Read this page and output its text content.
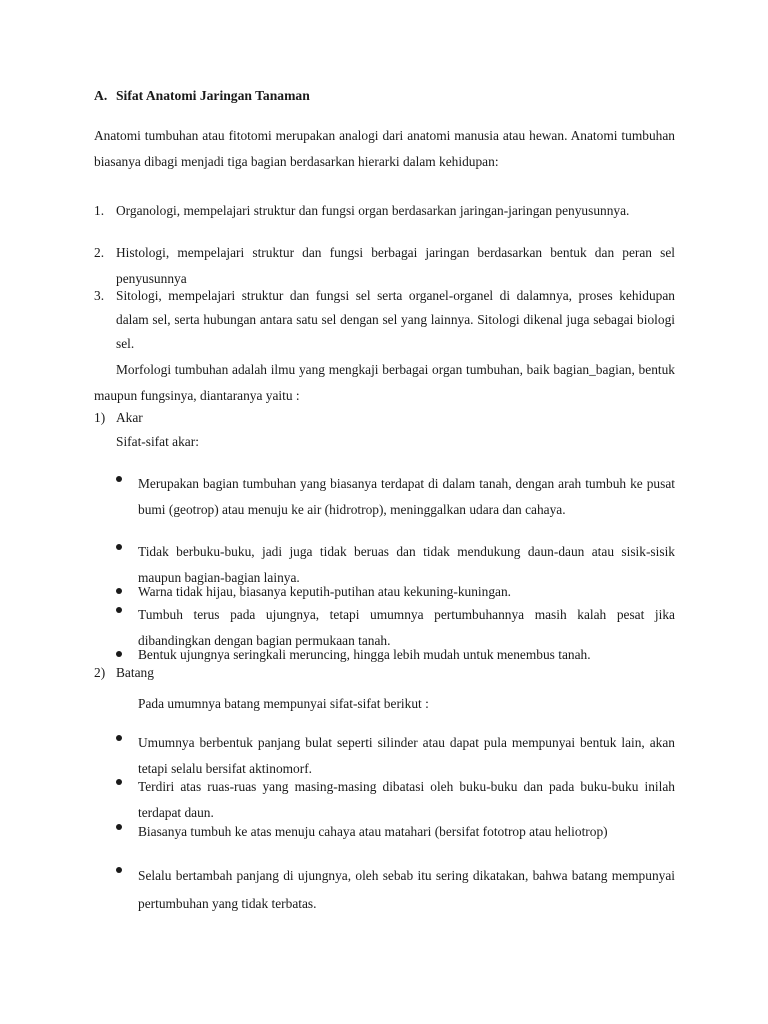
A. Sifat Anatomi Jaringan Tanaman
Anatomi tumbuhan atau fitotomi merupakan analogi dari anatomi manusia atau hewan. Anatomi tumbuhan biasanya dibagi menjadi tiga bagian berdasarkan hierarki dalam kehidupan:
1. Organologi, mempelajari struktur dan fungsi organ berdasarkan jaringan-jaringan penyusunnya.
2. Histologi, mempelajari struktur dan fungsi berbagai jaringan berdasarkan bentuk dan peran sel penyusunnya
3. Sitologi, mempelajari struktur dan fungsi sel serta organel-organel di dalamnya, proses kehidupan dalam sel, serta hubungan antara satu sel dengan sel yang lainnya. Sitologi dikenal juga sebagai biologi sel.
Morfologi tumbuhan adalah ilmu yang mengkaji berbagai organ tumbuhan, baik bagian_bagian, bentuk maupun fungsinya, diantaranya yaitu :
1) Akar
Sifat-sifat akar:
Merupakan bagian tumbuhan yang biasanya terdapat di dalam tanah, dengan arah tumbuh ke pusat bumi (geotrop) atau menuju ke air (hidrotrop), meninggalkan udara dan cahaya.
Tidak berbuku-buku, jadi juga tidak beruas dan tidak mendukung daun-daun atau sisik-sisik maupun bagian-bagian lainya.
Warna tidak hijau, biasanya keputih-putihan atau kekuning-kuningan.
Tumbuh terus pada ujungnya, tetapi umumnya pertumbuhannya masih kalah pesat jika dibandingkan dengan bagian permukaan tanah.
Bentuk ujungnya seringkali meruncing, hingga lebih mudah untuk menembus tanah.
2) Batang
Pada umumnya batang mempunyai sifat-sifat berikut :
Umumnya berbentuk panjang bulat seperti silinder atau dapat pula mempunyai bentuk lain, akan tetapi selalu bersifat aktinomorf.
Terdiri atas ruas-ruas yang masing-masing dibatasi oleh buku-buku dan pada buku-buku inilah terdapat daun.
Biasanya tumbuh ke atas menuju cahaya atau matahari (bersifat fototrop atau heliotrop)
Selalu bertambah panjang di ujungnya, oleh sebab itu sering dikatakan, bahwa batang mempunyai pertumbuhan yang tidak terbatas.
